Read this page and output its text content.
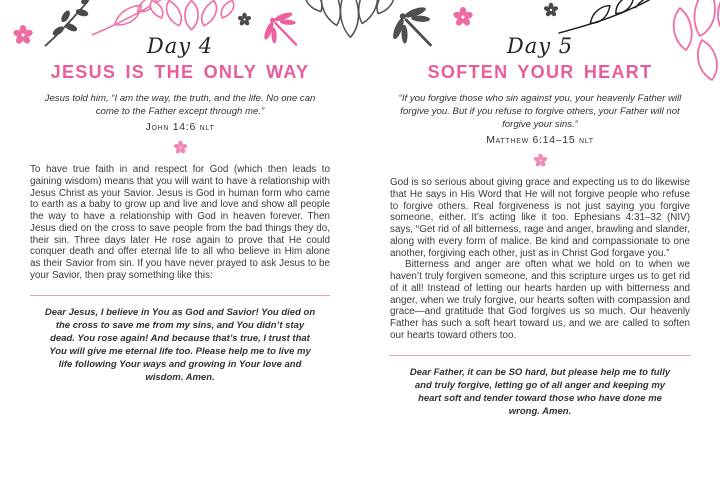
Day 4
JESUS IS THE ONLY WAY
Jesus told him, “I am the way, the truth, and the life. No one can come to the Father except through me.”
John 14:6 nlt

To have true faith in and respect for God (which then leads to gaining wisdom) means that you will want to have a relationship with Jesus Christ as your Savior. Jesus is God in human form who came to earth as a baby to grow up and live and love and show all people the way to have a relationship with God in heaven forever. Then Jesus died on the cross to save people from the bad things they do, their sin. Three days later He rose again to prove that He could conquer death and offer eternal life to all who believe in Him alone as their Savior from sin. If you have never prayed to ask Jesus to be your Savior, then pray something like this:

Dear Jesus, I believe in You as God and Savior! You died on the cross to save me from my sins, and You didn’t stay dead. You rose again! And because that’s true, I trust that You will give me eternal life too. Please help me to live my life following Your ways and growing in Your love and wisdom. Amen.
Day 5
SOFTEN YOUR HEART
“If you forgive those who sin against you, your heavenly Father will forgive you. But if you refuse to forgive others, your Father will not forgive your sins.”
Matthew 6:14–15 nlt

God is so serious about giving grace and expecting us to do likewise that He says in His Word that He will not forgive people who refuse to forgive others. Real forgiveness is not just saying you forgive someone, either. It’s acting like it too. Ephesians 4:31–32 (NIV) says, “Get rid of all bitterness, rage and anger, brawling and slander, along with every form of malice. Be kind and compassionate to one another, forgiving each other, just as in Christ God forgave you.”

Bitterness and anger are often what we hold on to when we haven’t truly forgiven someone, and this scripture urges us to get rid of it all! Instead of letting our hearts harden up with bitterness and anger, when we truly forgive, our hearts soften with compassion and grace—and gratitude that God forgives us so much. Our heavenly Father has such a soft heart toward us, and we are called to soften our hearts toward others too.

Dear Father, it can be SO hard, but please help me to fully and truly forgive, letting go of all anger and keeping my heart soft and tender toward those who have done me wrong. Amen.
